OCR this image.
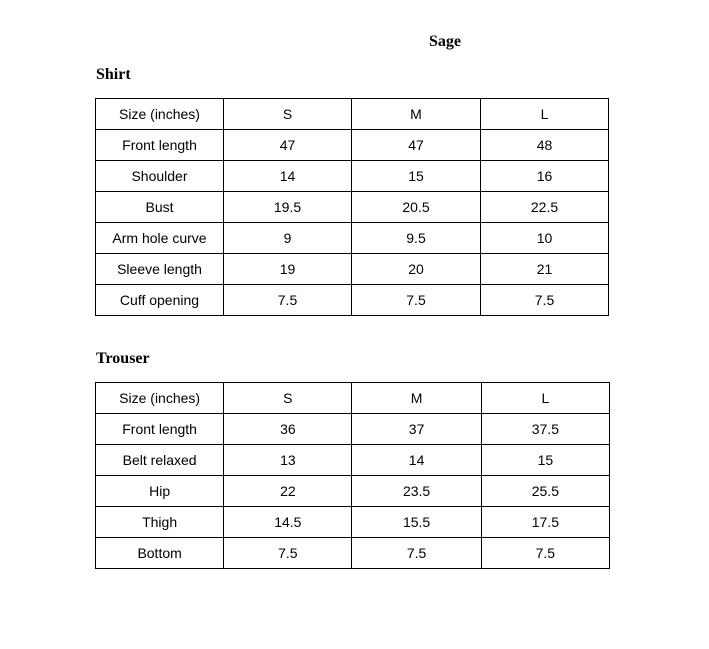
Sage
Shirt
Size (inches)	S	M	L
Front length	47	47	48
Shoulder	14	15	16
Bust	19.5	20.5	22.5
Arm hole curve	9	9.5	10
Sleeve length	19	20	21
Cuff opening	7.5	7.5	7.5
Trouser
Size (inches)	S	M	L
Front length	36	37	37.5
Belt relaxed	13	14	15
Hip	22	23.5	25.5
Thigh	14.5	15.5	17.5
Bottom	7.5	7.5	7.5
